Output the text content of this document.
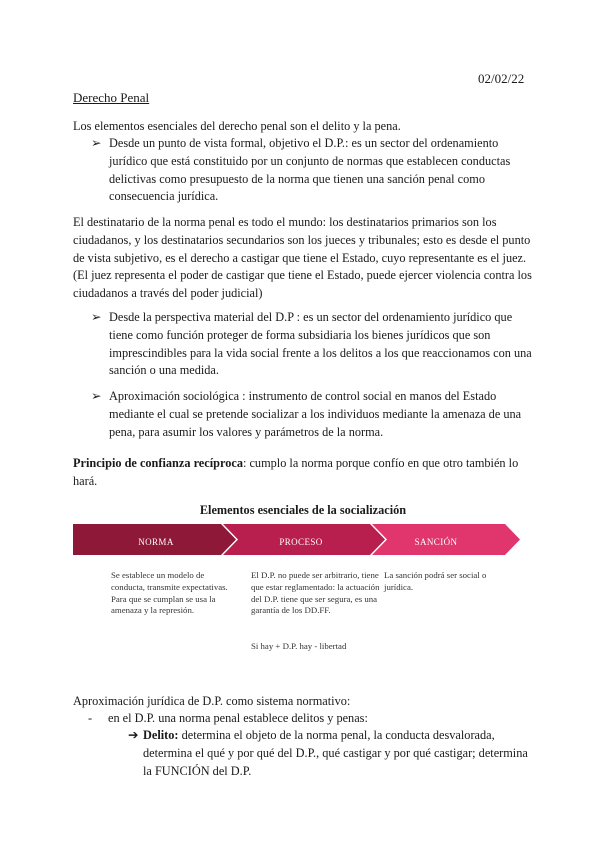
02/02/22
Derecho Penal
Los elementos esenciales del derecho penal son el delito y la pena.
➢ Desde un punto de vista formal, objetivo el D.P.: es un sector del ordenamiento jurídico que está constituido por un conjunto de normas que establecen conductas delictivas como presupuesto de la norma que tienen una sanción penal como consecuencia jurídica.
El destinatario de la norma penal es todo el mundo: los destinatarios primarios son los ciudadanos, y los destinatarios secundarios son los jueces y tribunales; esto es desde el punto de vista subjetivo, es el derecho a castigar que tiene el Estado, cuyo representante es el juez. (El juez representa el poder de castigar que tiene el Estado, puede ejercer violencia contra los ciudadanos a través del poder judicial)
➢ Desde la perspectiva material del D.P : es un sector del ordenamiento jurídico que tiene como función proteger de forma subsidiaria los bienes jurídicos que son imprescindibles para la vida social frente a los delitos a los que reaccionamos con una sanción o una medida.
➢ Aproximación sociológica : instrumento de control social en manos del Estado mediante el cual se pretende socializar a los individuos mediante la amenaza de una pena, para asumir los valores y parámetros de la norma.
Principio de confianza recíproca: cumplo la norma porque confío en que otro también lo hará.
Elementos esenciales de la socialización
NORMA	PROCESO	SANCIÓN
Se establece un modelo de conducta, transmite expectativas. Para que se cumplan se usa la amenaza y la represión.
El D.P. no puede ser arbitrario, tiene que estar reglamentado: la actuación del D.P. tiene que ser segura, es una garantía de los DD.FF.
Si hay + D.P. hay - libertad
La sanción podrá ser social o jurídica.
Aproximación jurídica de D.P. como sistema normativo:
- en el D.P. una norma penal establece delitos y penas:
➔ Delito: determina el objeto de la norma penal, la conducta desvalorada, determina el qué y por qué del D.P., qué castigar y por qué castigar; determina la FUNCIÓN del D.P.
